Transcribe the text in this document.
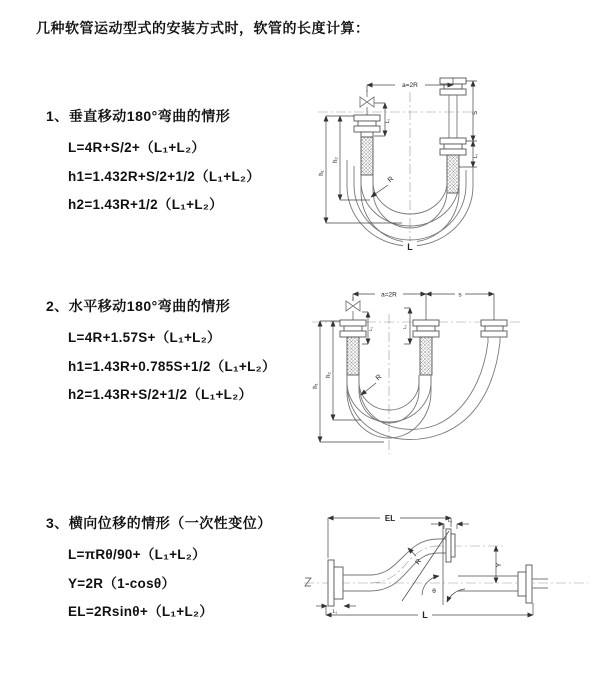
几种软管运动型式的安装方式时，软管的长度计算：
1、垂直移动180°弯曲的情形
L=4R+S/2+（L₁+L₂）
h1=1.432R+S/2+1/2（L₁+L₂）
h2=1.43R+1/2（L₁+L₂）
a=2R
h₁
h₂
S
L₁
L₁
R
L
2、水平移动180°弯曲的情形
L=4R+1.57S+（L₁+L₂）
h1=1.43R+0.785S+1/2（L₁+L₂）
h2=1.43R+S/2+1/2（L₁+L₂）
a=2R	s
h₁
h₂
L₁	L₁
R
3、横向位移的情形（一次性变位）
L=πRθ/90+（L₁+L₂）
Y=2R（1-cosθ）
EL=2Rsinθ+（L₁+L₂）
θ
R
EL	L₁
Y
L
L₁
